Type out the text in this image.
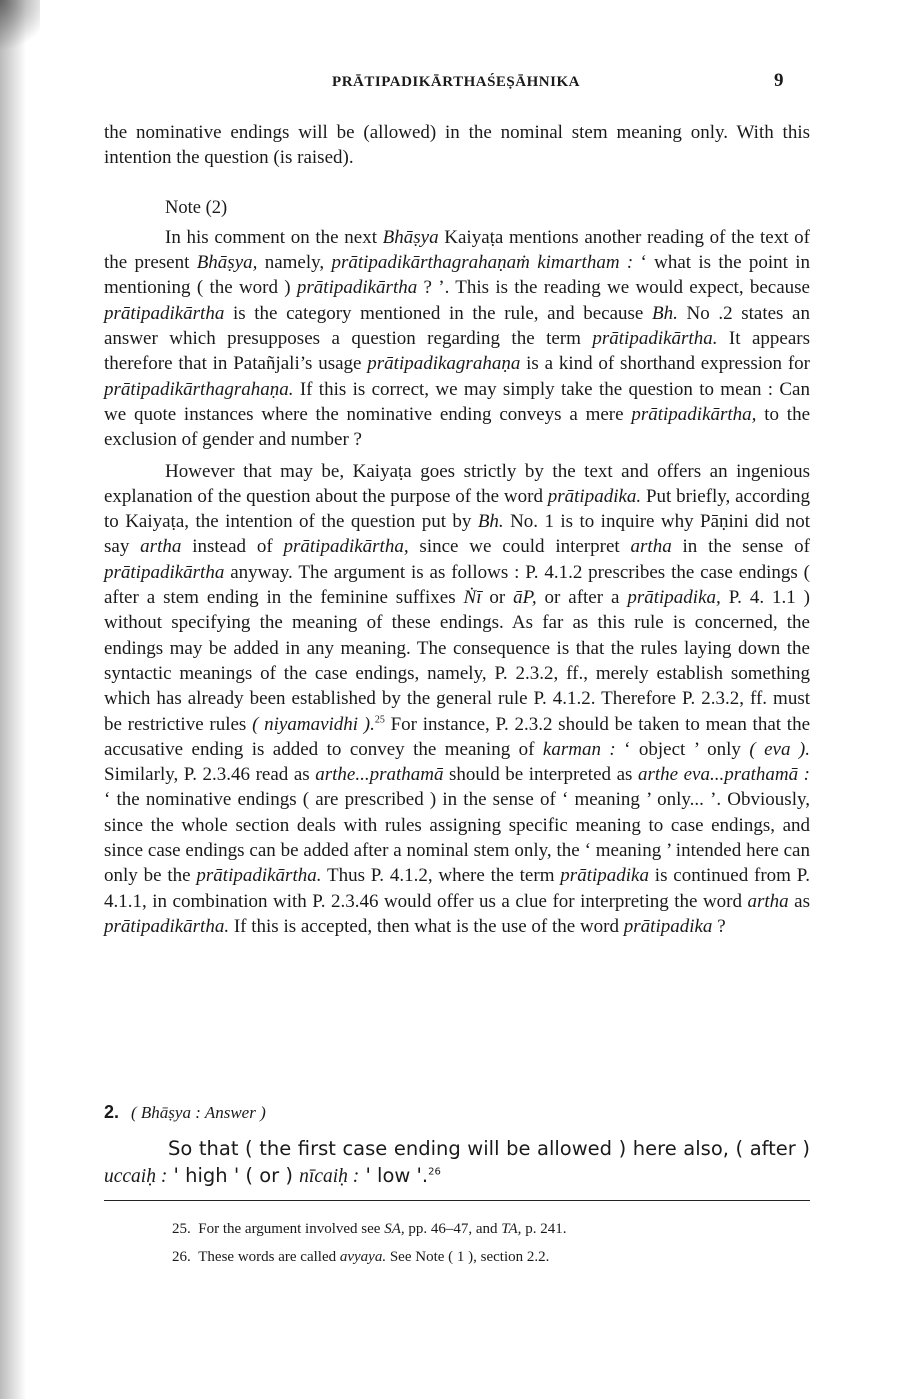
PRĀTIPADIKĀRTHAŚEṢĀHNIKA	9

the nominative endings will be (allowed) in the nominal stem meaning only. With this intention the question (is raised).

Note (2)

In his comment on the next Bhāṣya Kaiyaṭa mentions another reading of the text of the present Bhāṣya, namely, prātipadikārthagrahaṇaṁ kimartham : ‘ what is the point in mentioning ( the word ) prātipadikārtha ? ’. This is the reading we would expect, because prātipadikārtha is the category mentioned in the rule, and because Bh. No .2 states an answer which presupposes a question regarding the term prātipadikārtha. It appears therefore that in Patañjali’s usage prātipadikagrahaṇa is a kind of shorthand expression for prātipadikārthagrahaṇa. If this is correct, we may simply take the question to mean : Can we quote instances where the nominative ending conveys a mere prātipadikārtha, to the exclusion of gender and number ?

However that may be, Kaiyaṭa goes strictly by the text and offers an ingenious explanation of the question about the purpose of the word prātipadika. Put briefly, according to Kaiyaṭa, the intention of the question put by Bh. No. 1 is to inquire why Pāṇini did not say artha instead of prātipadikārtha, since we could interpret artha in the sense of prātipadikārtha anyway. The argument is as follows : P. 4.1.2 prescribes the case endings ( after a stem ending in the feminine suffixes Ṅī or āP, or after a prātipadika, P. 4. 1.1 ) without specifying the meaning of these endings. As far as this rule is concerned, the endings may be added in any meaning. The consequence is that the rules laying down the syntactic meanings of the case endings, namely, P. 2.3.2, ff., merely establish something which has already been established by the general rule P. 4.1.2. Therefore P. 2.3.2, ff. must be restrictive rules ( niyamavidhi ).$^{25}$ For instance, P. 2.3.2 should be taken to mean that the accusative ending is added to convey the meaning of karman : ‘ object ’ only ( eva ). Similarly, P. 2.3.46 read as arthe...prathamā should be interpreted as arthe eva...prathamā : ‘ the nominative endings ( are prescribed ) in the sense of ‘ meaning ’ only... ’. Obviously, since the whole section deals with rules assigning specific meaning to case endings, and since case endings can be added after a nominal stem only, the ‘ meaning ’ intended here can only be the prātipadikārtha. Thus P. 4.1.2, where the term prātipadika is continued from P. 4.1.1, in combination with P. 2.3.46 would offer us a clue for interpreting the word artha as prātipadikārtha. If this is accepted, then what is the use of the word prātipadika ?

2. ( Bhāṣya : Answer )
So that ( the first case ending will be allowed ) here also, ( after ) uccaiḥ : ' high ' ( or ) nīcaiḥ : ' low '.$^{26}$
25. For the argument involved see SA, pp. 46–47, and TA, p. 241.
26. These words are called avyaya. See Note ( 1 ), section 2.2.
